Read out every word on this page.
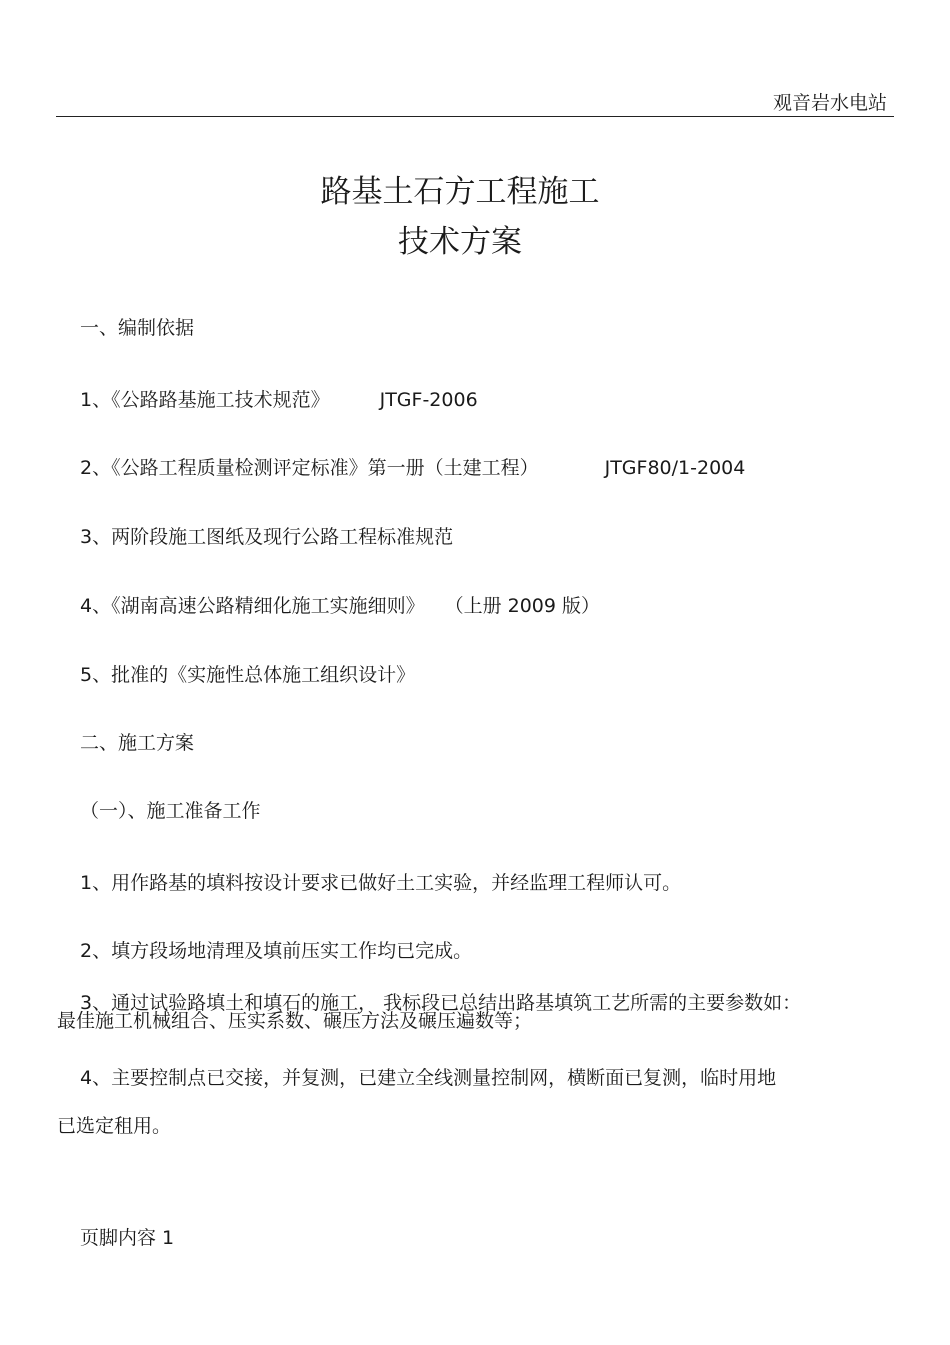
观音岩水电站
路基土石方工程施工
技术方案
一、编制依据
1、《公路路基施工技术规范》	JTGF-2006
2、《公路工程质量检测评定标准》第一册（土建工程）	JTGF80/1-2004
3、两阶段施工图纸及现行公路工程标准规范
4、《湖南高速公路精细化施工实施细则》 （上册 2009 版）
5、批准的《实施性总体施工组织设计》
二、施工方案
（一）、施工准备工作
1、用作路基的填料按设计要求已做好土工实验，并经监理工程师认可。
2、填方段场地清理及填前压实工作均已完成。
3、通过试验路填土和填石的施工， 我标段已总结出路基填筑工艺所需的主要参数如：
最佳施工机械组合、压实系数、碾压方法及碾压遍数等；
4、主要控制点已交接，并复测，已建立全线测量控制网，横断面已复测，临时用地
已选定租用。
页脚内容 1
